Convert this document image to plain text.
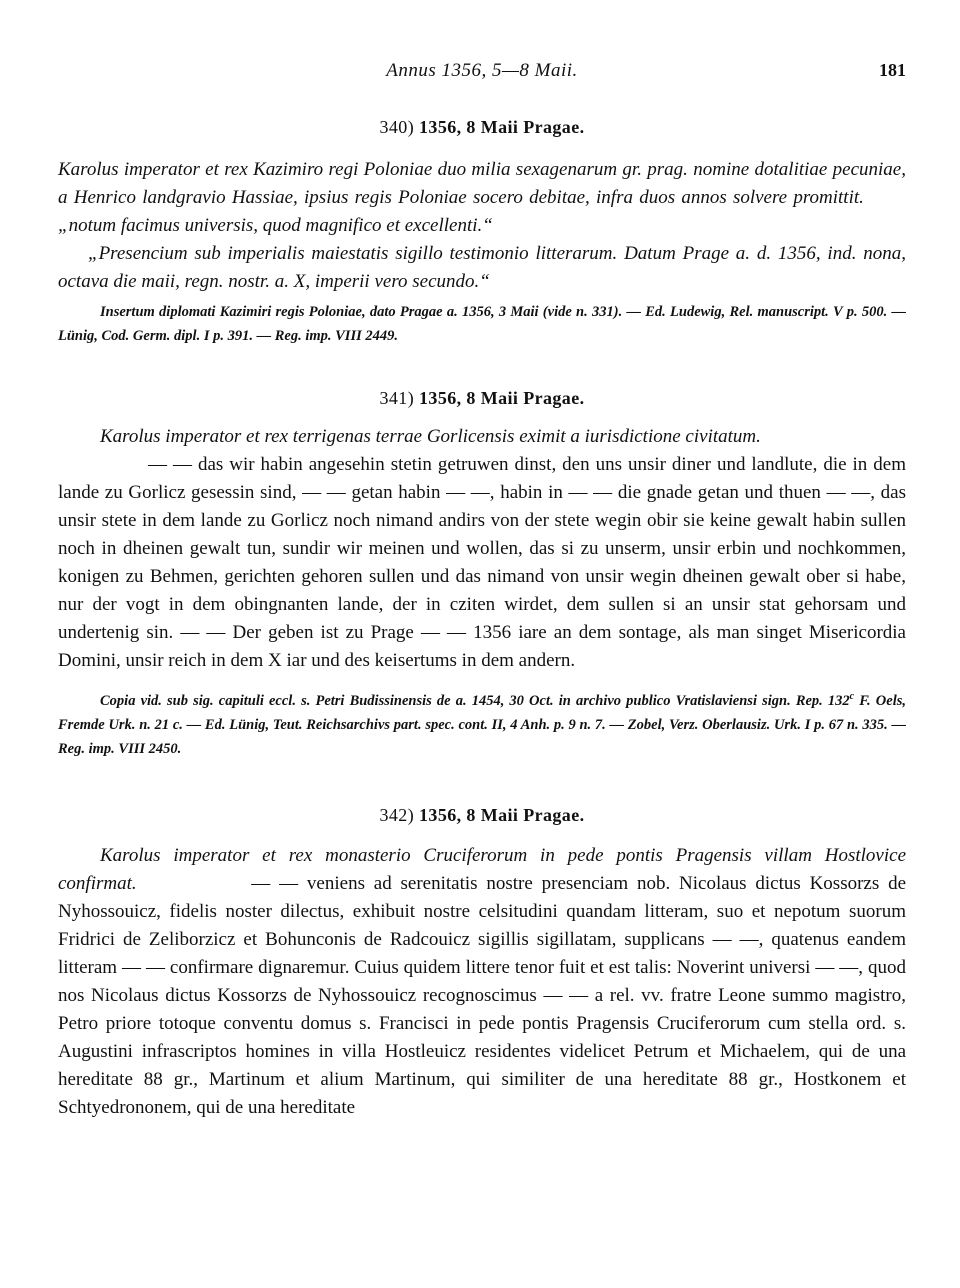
Annus 1356, 5—8 Maii.	181
340) 1356, 8 Maii Pragae.
Karolus imperator et rex Kazimiro regi Poloniae duo milia sexagenarum gr. prag. nomine dotalitiae pecuniae, a Henrico landgravio Hassiae, ipsius regis Poloniae socero debitae, infra duos annos solvere promittit.        „notum facimus universis, quod magnifico et excellenti.“
„Presencium sub imperialis maiestatis sigillo testimonio litterarum. Datum Prage a. d. 1356, ind. nona, octava die maii, regn. nostr. a. X, imperii vero secundo.“
Insertum diplomati Kazimiri regis Poloniae, dato Pragae a. 1356, 3 Maii (vide n. 331). — Ed. Ludewig, Rel. manuscript. V p. 500. — Lünig, Cod. Germ. dipl. I p. 391. — Reg. imp. VIII 2449.
341) 1356, 8 Maii Pragae.
Karolus imperator et rex terrigenas terrae Gorlicensis eximit a iurisdictione civitatum.
— — das wir habin angesehin stetin getruwen dinst, den uns unsir diner und landlute, die in dem lande zu Gorlicz gesessin sind, — — getan habin — —, habin in — — die gnade getan und thuen — —, das unsir stete in dem lande zu Gorlicz noch nimand andirs von der stete wegin obir sie keine gewalt habin sullen noch in dheinen gewalt tun, sundir wir meinen und wollen, das si zu unserm, unsir erbin und nochkommen, konigen zu Behmen, gerichten gehoren sullen und das nimand von unsir wegin dheinen gewalt ober si habe, nur der vogt in dem obingnanten lande, der in cziten wirdet, dem sullen si an unsir stat gehorsam und undertenig sin. — — Der geben ist zu Prage — — 1356 iare an dem sontage, als man singet Misericordia Domini, unsir reich in dem X iar und des keisertums in dem andern.
Copia vid. sub sig. capituli eccl. s. Petri Budissinensis de a. 1454, 30 Oct. in archivo publico Vratislaviensi sign. Rep. 132$^c$ F. Oels, Fremde Urk. n. 21 c. — Ed. Lünig, Teut. Reichsarchivs part. spec. cont. II, 4 Anh. p. 9 n. 7. — Zobel, Verz. Oberlausiz. Urk. I p. 67 n. 335. — Reg. imp. VIII 2450.
342) 1356, 8 Maii Pragae.
Karolus imperator et rex monasterio Cruciferorum in pede pontis Pragensis villam Hostlovice confirmat.	— — veniens ad serenitatis nostre presenciam nob. Nicolaus dictus Kossorzs de Nyhossouicz, fidelis noster dilectus, exhibuit nostre celsitudini quandam litteram, suo et nepotum suorum Fridrici de Zeliborzicz et Bohunconis de Radcouicz sigillis sigillatam, supplicans — —, quatenus eandem litteram — — confirmare dignaremur. Cuius quidem littere tenor fuit et est talis: Noverint universi — —, quod nos Nicolaus dictus Kossorzs de Nyhossouicz recognoscimus — — a rel. vv. fratre Leone summo magistro, Petro priore totoque conventu domus s. Francisci in pede pontis Pragensis Cruciferorum cum stella ord. s. Augustini infrascriptos homines in villa Hostleuicz residentes videlicet Petrum et Michaelem, qui de una hereditate 88 gr., Martinum et alium Martinum, qui similiter de una hereditate 88 gr., Hostkonem et Schtyedrononem, qui de una hereditate
